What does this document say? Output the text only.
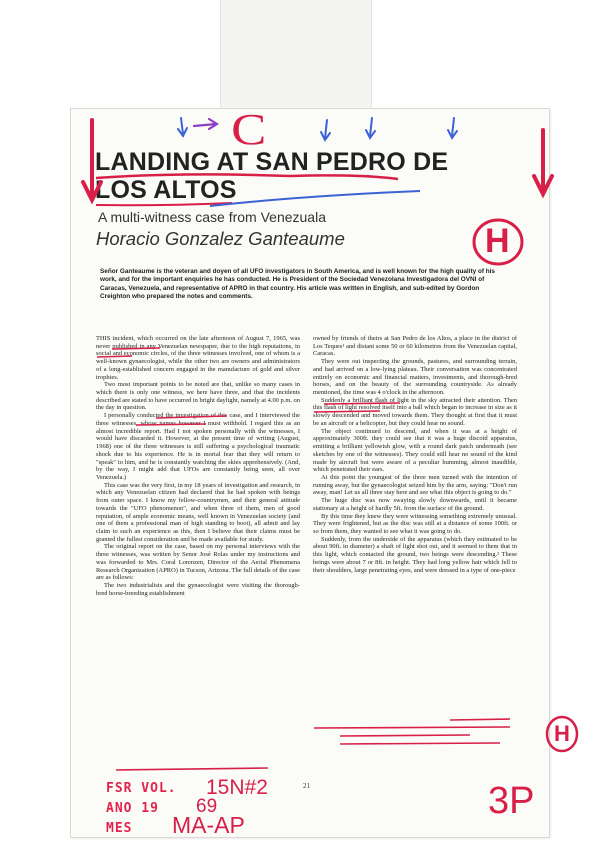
LANDING AT SAN PEDRO DE LOS ALTOS
A multi-witness case from Venezuala
Horacio Gonzalez Ganteaume

Señor Ganteaume is the veteran and doyen of all UFO investigators in South America, and is well known for the high quality of his work, and for the important enquiries he has conducted. He is President of the Sociedad Venezolana Investigadora del OVNI of Caracas, Venezuela, and representative of APRO in that country. His article was written in English, and sub-edited by Gordon Creighton who prepared the notes and comments.

THIS incident, which occurred on the late afternoon of August 7, 1965, was never published in any Venezuelan newspaper, due to the high reputations, in social and economic circles, of the three witnesses involved, one of whom is a well-known gynaecologist, while the other two are owners and administrators of a long-established concern engaged in the manufacture of gold and silver trophies.

Two most important points to be noted are that, unlike so many cases in which there is only one witness, we here have three, and that the incidents described are stated to have occurred in bright daylight, namely at 4.00 p.m. on the day in question.

I personally conducted the investigation of this case, and I interviewed the three witnesses, whose names however I must withhold. I regard this as an almost incredible report. Had I not spoken personally with the witnesses, I would have discarded it. However, at the present time of writing (August, 1968) one of the three witnesses is still suffering a psychological traumatic shock due to his experience. He is in mortal fear that they will return to "speak" to him, and he is constantly watching the skies apprehensively. (And, by the way, I might add that UFOs are constantly being seen, all over Venezuela.)

This case was the very first, in my 18 years of investigation and research, in which any Venezuelan citizen had declared that he had spoken with beings from outer space. I know my fellow-countrymen, and their general attitude towards the "UFO phenomenon", and when three of them, men of good reputation, of ample economic means, well known in Venezuelan society (and one of them a professional man of high standing to boot), all admit and lay claim to such an experience as this, then I believe that their claims must be granted the fullest consideration and be made available for study.

The original report on the case, based on my personal interviews with the three witnesses, was written by Senor José Rolas under my instructions and was forwarded to Mrs. Coral Lorenzen, Director of the Aerial Phenomena Research Organization (APRO) in Tucson, Arizona. The full details of the case are as follows:

The two industrialists and the gynaecologist were visiting the thorough-bred horse-breeding establishment

owned by friends of theirs at San Pedro de los Altos, a place in the district of Los Teques¹ and distant some 50 or 60 kilometres from the Venezuelan capital, Caracas.

They were out inspecting the grounds, pastures, and surrounding terrain, and had arrived on a low-lying plateau. Their conversation was concentrated entirely on economic and financial matters, investments, and thorough-bred horses, and on the beauty of the surrounding countryside. As already mentioned, the time was 4 o'clock in the afternoon.

Suddenly a brilliant flash of light in the sky attracted their attention. Then this flash of light resolved itself into a ball which began to increase in size as it slowly descended and moved towards them. They thought at first that it must be an aircraft or a helicopter, but they could hear no sound.

The object continued to descend, and when it was at a height of approximately 300ft. they could see that it was a huge discoid apparatus, emitting a brilliant yellowish glow, with a round dark patch underneath (see sketches by one of the witnesses). They could still hear no sound of the kind made by aircraft but were aware of a peculiar humming, almost inaudible, which penetrated their ears.

At this point the youngest of the three men turned with the intention of running away, but the gynaecologist seized him by the arm, saying: "Don't run away, man! Let us all three stay here and see what this object is going to do."

The huge disc was now swaying slowly downwards, until it became stationary at a height of hardly 5ft. from the surface of the ground.

By this time they knew they were witnessing something extremely unusual. They were frightened, but as the disc was still at a distance of some 100ft. or so from them, they wanted to see what it was going to do.

Suddenly, from the underside of the apparatus (which they estimated to be about 90ft. in diameter) a shaft of light shot out, and it seemed to them that in this light, which contacted the ground, two beings were descending.² These beings were about 7 or 8ft. in height. They had long yellow hair which fell to their shoulders, large penetrating eyes, and were dressed in a type of one-piece

21
C
H
H
FSR VOL. 15N#2
ANO 19 69
MES MA-AP
3P
